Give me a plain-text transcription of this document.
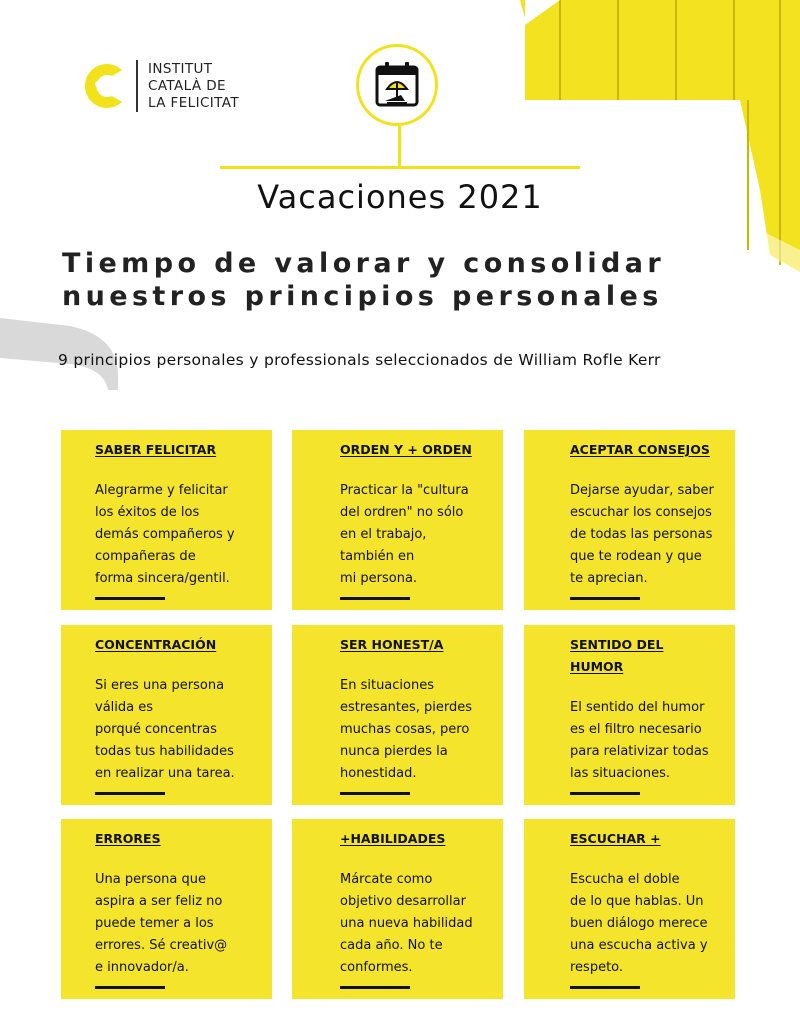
INSTITUT
CATALÀ DE
LA FELICITAT
Vacaciones 2021
Tiempo de valorar y consolidar
nuestros principios personales
9 principios personales y professionals seleccionados de William Rofle Kerr
SABER FELICITAR

Alegrarme y felicitar
los éxitos de los
demás compañeros y
compañeras de
forma sincera/gentil.

ORDEN Y + ORDEN

Practicar la "cultura
del ordren" no sólo
en el trabajo,
también en
mi persona.

ACEPTAR CONSEJOS

Dejarse ayudar, saber
escuchar los consejos
de todas las personas
que te rodean y que
te aprecian.

CONCENTRACIÓN

Si eres una persona
válida es
porqué concentras
todas tus habilidades
en realizar una tarea.

SER HONEST/A

En situaciones
estresantes, pierdes
muchas cosas, pero
nunca pierdes la
honestidad.

SENTIDO DEL
HUMOR

El sentido del humor
es el filtro necesario
para relativizar todas
las situaciones.

ERRORES

Una persona que
aspira a ser feliz no
puede temer a los
errores. Sé creativ@
e innovador/a.

+HABILIDADES

Márcate como
objetivo desarrollar
una nueva habilidad
cada año. No te
conformes.

ESCUCHAR +

Escucha el doble
de lo que hablas. Un
buen diálogo merece
una escucha activa y
respeto.
